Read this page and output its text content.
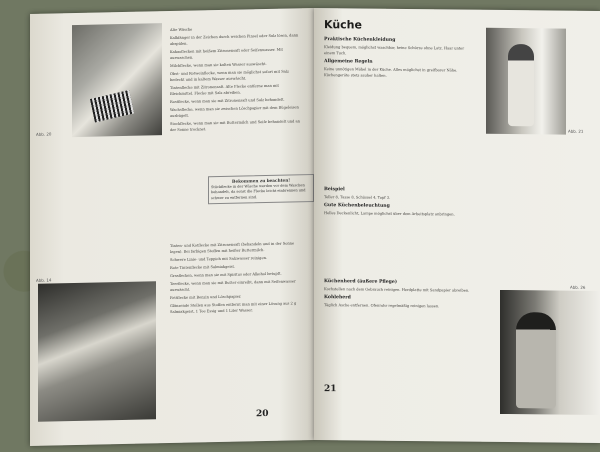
Abb. 20

Alte Wäsche

Kalkfänger in der Zeichen durch weichen Pinsel oder Salz lösen, dann abspülen.

Kakaoflecken mit heißem Zitronensaft oder Seifenwasser. Mit auswaschen.

Milchflecke, wenn man sie kalten Wasser auswäscht.

Obst- und Rotweinflecke, wenn man sie möglichst sofort mit Salz bedeckt und in kaltem Wasser auswäscht.

Tintenflecke mit Zitronensaft. Alte Flecke entferne man mit Bleichmittel. Flecke mit Salz abreiben.

Rostflecke, wenn man sie mit Zitronensaft und Salz behandelt.

Wachsflecke, wenn man sie zwischen Löschpapier mit dem Bügeleisen ausbügelt.

Stockflecke, wenn man sie mit Buttermilch und Seife behandelt und an der Sonne trocknet.

Bekommen zu beachten!
Stückflecke in der Wäsche werden vor dem Waschen behandelt, da sonst die Flecke leicht einbrennen und schwer zu entfernen sind.
Abb. 14

Tinten- und Kotflecke mit Zitronensaft (behandeln und in der Sonne legen). Bei farbigen Stoffen mit heißer Buttermilch.

Schwere Linie- und Teppich mit Salzwasser reinigen.

Rote Tintenflecke mit Salmiakgeist.

Grasflecken, wenn man sie mit Spiritus oder Alkohol betupft.

Teerflecke, wenn man sie mit Butter einreibt, dann mit Seifenwasser auswäscht.

Fettflecke mit Benzin und Löschpapier.

Glänzende Stellen aus Stoffen entfernt man mit einer Lösung aus 2 g Salmiakgeist, 1 Tee Essig und 1 Liter Wasser.

20
Küche
Praktische Küchenkleidung

Kleidung bequem, möglichst waschbar, keine Schürze ohne Latz. Haar unter einem Tuch.

Allgemeine Regeln

Keine unnötigen Möbel in der Küche. Alles möglichst in greifbarer Nähe. Küchengeräte stets sauber halten.

Abb. 21
Beispiel

Teller 8, Tasse 8, Schüssel 4, Topf 3.

Gute Küchenbeleuchtung

Helles Deckenlicht, Lampe möglichst über dem Arbeitsplatz anbringen.

Küchenherd (äußere Pflege)

Kochstellen nach dem Gebrauch reinigen. Herdplatte mit Sandpapier abreiben.

Kohleherd

Täglich Asche entfernen. Ofenrohr regelmäßig reinigen lassen.

Abb. 26
21
